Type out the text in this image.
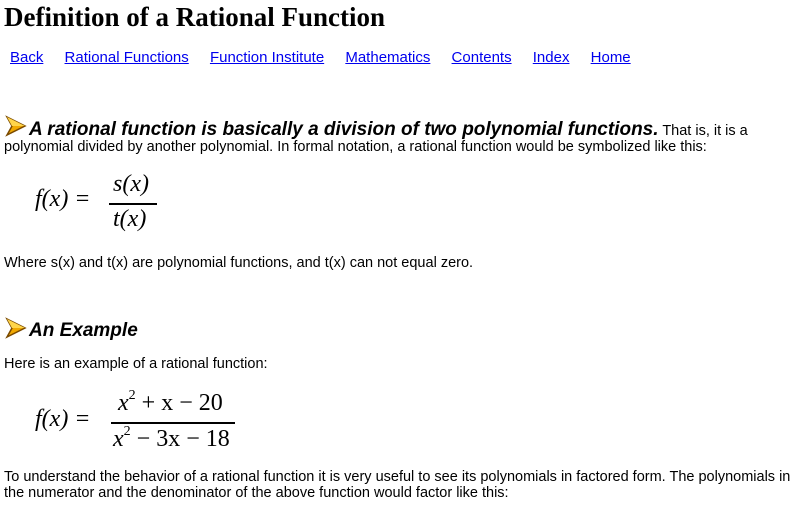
Definition of a Rational Function
Back Rational Functions Function Institute Mathematics Contents Index Home
A rational function is basically a division of two polynomial functions. That is, it is a

polynomial divided by another polynomial. In formal notation, a rational function would be symbolized like this:

f(x) =
s(x)
t(x)

Where s(x) and t(x) are polynomial functions, and t(x) can not equal zero.

An Example

Here is an example of a rational function:

f(x) =
$x^2 + x - 20$
$x^2 - 3x - 18$

To understand the behavior of a rational function it is very useful to see its polynomials in factored form. The polynomials in

the numerator and the denominator of the above function would factor like this:
